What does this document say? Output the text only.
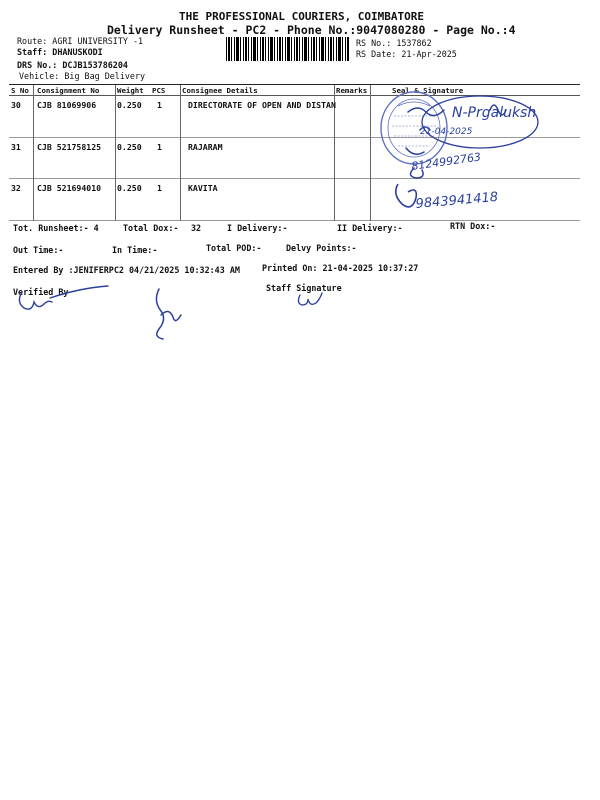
THE PROFESSIONAL COURIERS, COIMBATORE
Delivery Runsheet - PC2 - Phone No.:9047080280 - Page No.:4
Route: AGRI UNIVERSITY -1
Staff: DHANUSKODI
DRS No.: DCJB153786204
Vehicle: Big Bag Delivery
RS No.: 1537862
RS Date: 21-Apr-2025
S No Consignment No Weight PCS Consignee Details	Remarks	Seal & Signature
30 CJB 81069906	0.250 1	DIRECTORATE OF OPEN AND DISTAN
31 CJB 521758125 0.250 1	RAJARAM
32 CJB 521694010 0.250 1	KAVITA
N-Prgaluksh
21-04-2025
8124992763
9843941418
Tot. Runsheet:- 4	Total Dox:- 32	I Delivery:-	II Delivery:-	RTN Dox:-
Out Time:-	In Time:-	Total POD:-	Delvy Points:-
Entered By :JENIFERPC2 04/21/2025 10:32:43 AM	Printed On: 21-04-2025 10:37:27
Verified By	Staff Signature
